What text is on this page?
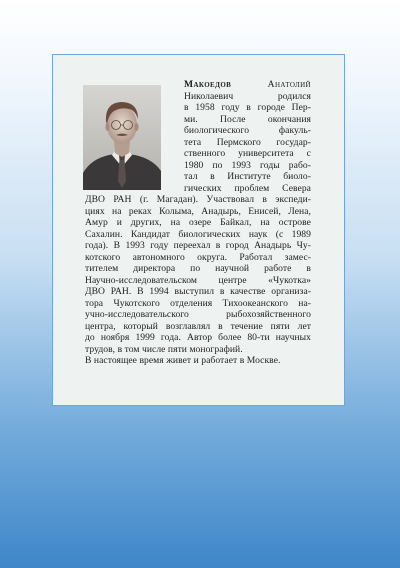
Макоедов	Анатолий
Николаевич родился
в 1958 году в городе Пер-
ми. После окончания
биологического факуль-
тета Пермского государ-
ственного университета с
1980 по 1993 годы рабо-
тал в Институте биоло-
гических проблем Севера
ДВО РАН (г. Магадан). Участвовал в экспеди-
циях на реках Колыма, Анадырь, Енисей, Лена,
Амур и других, на озере Байкал, на острове
Сахалин. Кандидат биологических наук (с 1989
года). В 1993 году переехал в город Анадырь Чу-
котского автономного округа. Работал замес-
тителем директора по научной работе в
Научно-исследовательском центре «Чукотка»
ДВО РАН. В 1994 выступил в качестве организа-
тора Чукотского отделения Тихоокеанского на-
учно-исследовательского рыбохозяйственного
центра, который возглавлял в течение пяти лет
до ноября 1999 года. Автор более 80-ти научных
трудов, в том числе пяти монографий.
В настоящее время живет и работает в Москве.
